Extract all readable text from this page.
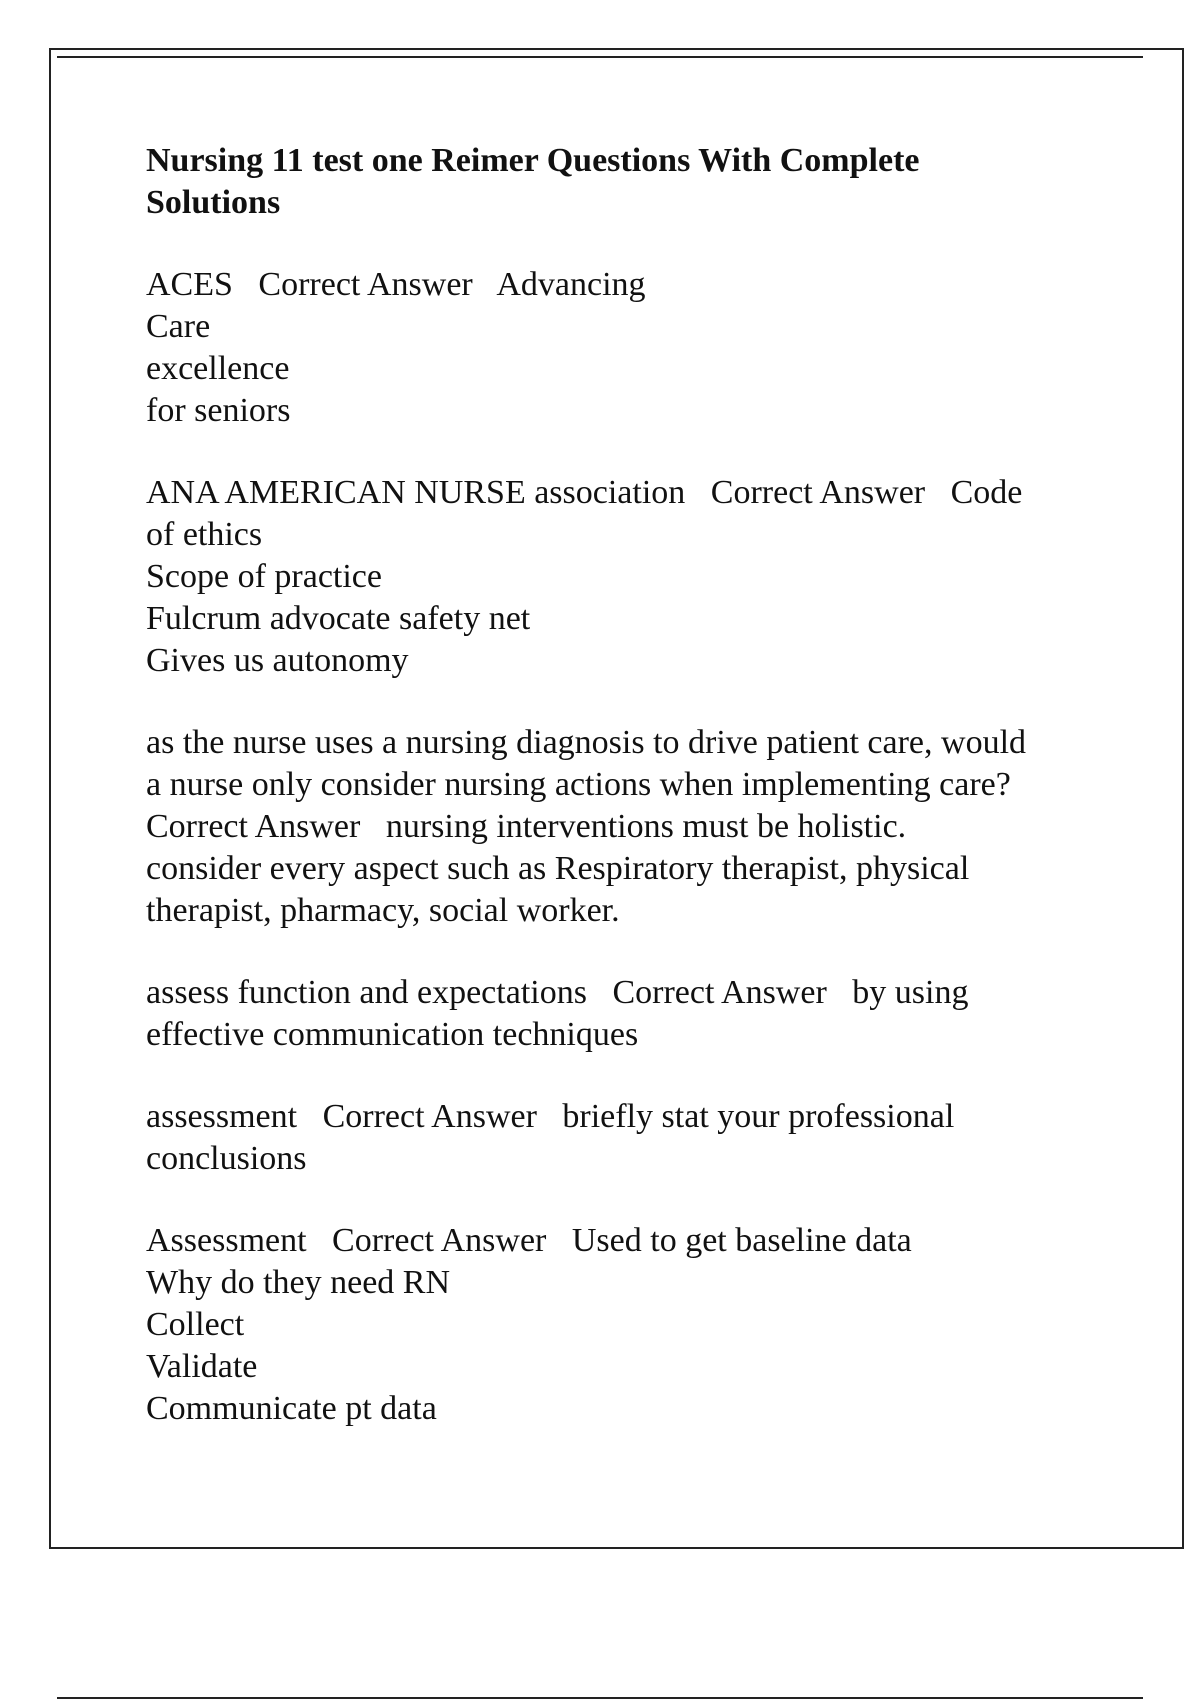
Nursing 11 test one Reimer Questions With Complete
Solutions
ACES   Correct Answer   Advancing
Care
excellence
for seniors
ANA AMERICAN NURSE association   Correct Answer   Code
of ethics
Scope of practice
Fulcrum advocate safety net
Gives us autonomy
as the nurse uses a nursing diagnosis to drive patient care, would
a nurse only consider nursing actions when implementing care?
Correct Answer   nursing interventions must be holistic.
consider every aspect such as Respiratory therapist, physical
therapist, pharmacy, social worker.
assess function and expectations   Correct Answer   by using
effective communication techniques
assessment   Correct Answer   briefly stat your professional
conclusions
Assessment   Correct Answer   Used to get baseline data
Why do they need RN
Collect
Validate
Communicate pt data
